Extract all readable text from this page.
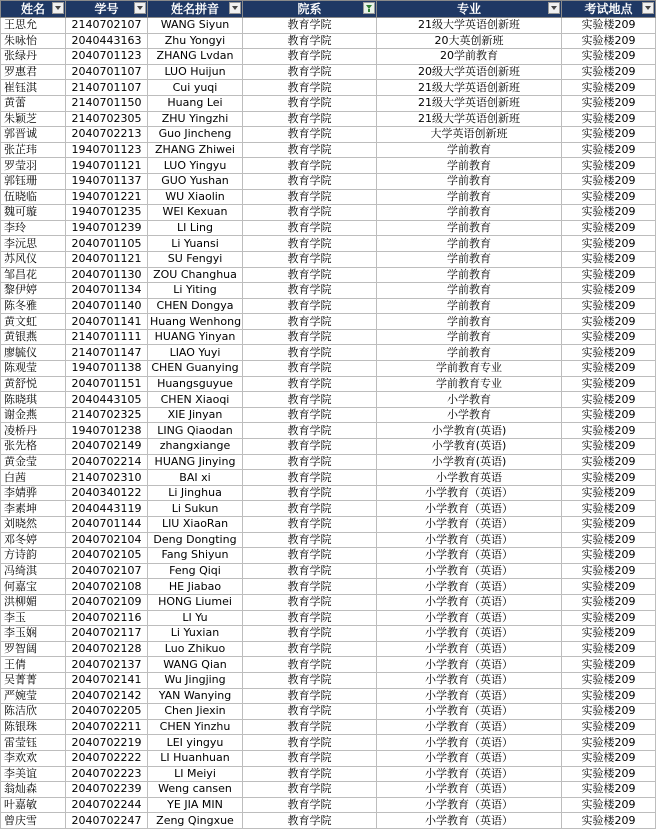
姓名	学号	姓名拼音	院系	专业	考试地点

王思允	2140702107	WANG Siyun	教育学院	21级大学英语创新班	实验楼209
朱咏怡	2040443163	Zhu Yongyi	教育学院	20大英创新班	实验楼209
张绿丹	2040701123	ZHANG Lvdan	教育学院	20学前教育	实验楼209
罗惠君	2040701107	LUO Huijun	教育学院	20级大学英语创新班	实验楼209
崔钰淇	2140701107	Cui yuqi	教育学院	21级大学英语创新班	实验楼209
黄蕾	2140701150	Huang Lei	教育学院	21级大学英语创新班	实验楼209
朱颖芝	2140702305	ZHU Yingzhi	教育学院	21级大学英语创新班	实验楼209
郭晋诚	2040702213	Guo Jincheng	教育学院	大学英语创新班	实验楼209
张芷玮	1940701123	ZHANG Zhiwei	教育学院	学前教育	实验楼209
罗莹羽	1940701121	LUO Yingyu	教育学院	学前教育	实验楼209
郭钰珊	1940701137	GUO Yushan	教育学院	学前教育	实验楼209
伍晓临	1940701221	WU Xiaolin	教育学院	学前教育	实验楼209
魏可璇	1940701235	WEI Kexuan	教育学院	学前教育	实验楼209
李玲	1940701239	LI Ling	教育学院	学前教育	实验楼209
李沅思	2040701105	Li Yuansi	教育学院	学前教育	实验楼209
苏风仪	2040701121	SU Fengyi	教育学院	学前教育	实验楼209
邹昌花	2040701130	ZOU Changhua	教育学院	学前教育	实验楼209
黎伊婷	2040701134	Li Yiting	教育学院	学前教育	实验楼209
陈冬雅	2040701140	CHEN Dongya	教育学院	学前教育	实验楼209
黄文虹	2040701141	Huang Wenhong	教育学院	学前教育	实验楼209
黄银燕	2140701111	HUANG Yinyan	教育学院	学前教育	实验楼209
廖毓仪	2140701147	LIAO Yuyi	教育学院	学前教育	实验楼209
陈观莹	1940701138	CHEN Guanying	教育学院	学前教育专业	实验楼209
黄舒悦	2040701151	Huangsguyue	教育学院	学前教育专业	实验楼209
陈晓琪	2040443105	CHEN Xiaoqi	教育学院	小学教育	实验楼209
谢金燕	2140702325	XIE Jinyan	教育学院	小学教育	实验楼209
凌桥丹	1940701238	LING Qiaodan	教育学院	小学教育(英语)	实验楼209
张先格	2040702149	zhangxiange	教育学院	小学教育(英语)	实验楼209
黄金莹	2040702214	HUANG Jinying	教育学院	小学教育(英语)	实验楼209
白茜	2140702310	BAI xi	教育学院	小学教育英语	实验楼209
李婧骅	2040340122	Li Jinghua	教育学院	小学教育（英语）	实验楼209
李素坤	2040443119	Li Sukun	教育学院	小学教育（英语）	实验楼209
刘晓然	2040701144	LIU XiaoRan	教育学院	小学教育（英语）	实验楼209
邓冬婷	2040702104	Deng Dongting	教育学院	小学教育（英语）	实验楼209
方诗韵	2040702105	Fang Shiyun	教育学院	小学教育（英语）	实验楼209
冯绮淇	2040702107	Feng Qiqi	教育学院	小学教育（英语）	实验楼209
何嘉宝	2040702108	HE Jiabao	教育学院	小学教育（英语）	实验楼209
洪柳媚	2040702109	HONG Liumei	教育学院	小学教育（英语）	实验楼209
李玉	2040702116	LI Yu	教育学院	小学教育（英语）	实验楼209
李玉娴	2040702117	Li Yuxian	教育学院	小学教育（英语）	实验楼209
罗智阔	2040702128	Luo Zhikuo	教育学院	小学教育（英语）	实验楼209
王倩	2040702137	WANG Qian	教育学院	小学教育（英语）	实验楼209
吴菁菁	2040702141	Wu Jingjing	教育学院	小学教育（英语）	实验楼209
严婉莹	2040702142	YAN Wanying	教育学院	小学教育（英语）	实验楼209
陈洁欣	2040702205	Chen Jiexin	教育学院	小学教育（英语）	实验楼209
陈银珠	2040702211	CHEN Yinzhu	教育学院	小学教育（英语）	实验楼209
雷莹钰	2040702219	LEI yingyu	教育学院	小学教育（英语）	实验楼209
李欢欢	2040702222	LI Huanhuan	教育学院	小学教育（英语）	实验楼209
李美谊	2040702223	LI Meiyi	教育学院	小学教育（英语）	实验楼209
翁灿森	2040702239	Weng cansen	教育学院	小学教育（英语）	实验楼209
叶嘉敏	2040702244	YE JIA MIN	教育学院	小学教育（英语）	实验楼209
曾庆雪	2040702247	Zeng Qingxue	教育学院	小学教育（英语）	实验楼209
